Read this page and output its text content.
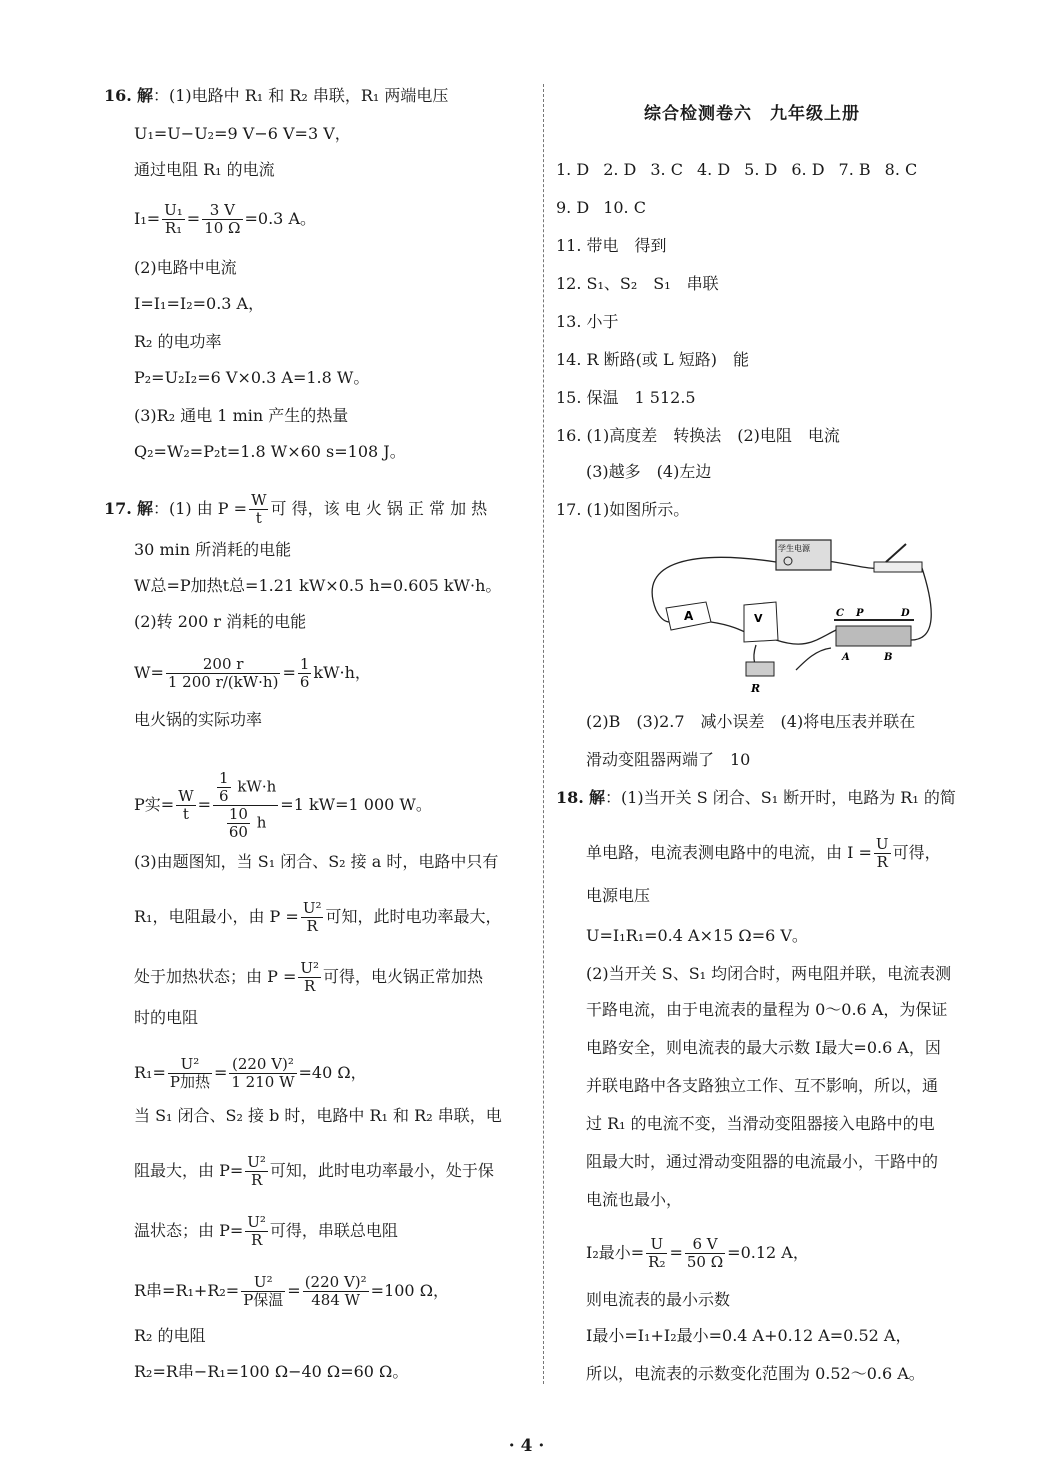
16. 解：(1)电路中 R₁ 和 R₂ 串联，R₁ 两端电压
U₁=U−U₂=9 V−6 V=3 V，
通过电阻 R₁ 的电流
$I_1= \frac{\text{U₁}}{\text{R₁}} = \frac{3 V}{10 \Omega} =0.3$ A。
(2)电路中电流
I=I₁=I₂=0.3 A，
R₂ 的电功率
P₂=U₂I₂=6 V×0.3 A=1.8 W。
(3)R₂ 通电 1 min 产生的热量
Q₂=W₂=P₂t=1.8 W×60 s=108 J。
17. 解：(1) 由 $P = \frac{W}{t}$ 可 得，该 电 火 锅 正 常 加 热
30 min 所消耗的电能
W总=P加热t总=1.21 kW×0.5 h=0.605 kW·h。
(2)转 200 r 消耗的电能
$W= \frac{200 r}{1 200 r/(kW\cdot h)} = \frac{1}{6} kW\cdot h$，
电火锅的实际功率
P实= $\frac{W}{t} = \frac{\frac{1}{6} kW\cdot h}{\frac{10}{60} h} =1$ kW=1 000 W。
(3)由题图知，当 S₁ 闭合、S₂ 接 a 时，电路中只有
R₁，电阻最小，由 $P = \frac{\text{U²}}{R}$ 可知，此时电功率最大，
处于加热状态；由 $P = \frac{\text{U²}}{R}$ 可得，电火锅正常加热
时的电阻
$R_1= \frac{\text{U²}}{\text{P加热}} = \frac{\text{(220 V)²}}{1 210 W} =40$ Ω，
当 S₁ 闭合、S₂ 接 b 时，电路中 R₁ 和 R₂ 串联，电
阻最大，由 $P= \frac{\text{U²}}{R}$ 可知，此时电功率最小，处于保
温状态；由 $P= \frac{\text{U²}}{R}$ 可得，串联总电阻
R串$=R_1+R_2= \frac{\text{U²}}{\text{P保温}} = \frac{\text{(220 V)²}}{484 W} =100$ Ω，
R₂ 的电阻
R₂=R串−R₁=100 Ω−40 Ω=60 Ω。
综合检测卷六　九年级上册
1. D 2. D 3. C 4. D 5. D 6. D 7. B 8. C
9. D 10. C
11. 带电　得到
12. S₁、S₂　S₁　串联
13. 小于
14. R 断路(或 L 短路)　能
15. 保温　1 512.5
16. (1)高度差　转换法　(2)电阻　电流
(3)越多　(4)左边
17. (1)如图所示。
学生电源
A	V
R
C P	D
A	B
(2)B　(3)2.7　减小误差　(4)将电压表并联在
滑动变阻器两端了　10
18. 解：(1)当开关 S 闭合、S₁ 断开时，电路为 R₁ 的简
单电路，电流表测电路中的电流，由 $I = \frac{U}{R}$ 可得，
电源电压
U=I₁R₁=0.4 A×15 Ω=6 V。
(2)当开关 S、S₁ 均闭合时，两电阻并联，电流表测
干路电流，由于电流表的量程为 0～0.6 A，为保证
电路安全，则电流表的最大示数 I最大=0.6 A，因
并联电路中各支路独立工作、互不影响，所以，通
过 R₁ 的电流不变，当滑动变阻器接入电路中的电
阻最大时，通过滑动变阻器的电流最小，干路中的
电流也最小，
I₂最小= $\frac{U}{\text{R₂}} = \frac{6 V}{50 \Omega} =0.12$ A，
则电流表的最小示数
I最小=I₁+I₂最小=0.4 A+0.12 A=0.52 A，
所以，电流表的示数变化范围为 0.52～0.6 A。
· 4 ·
